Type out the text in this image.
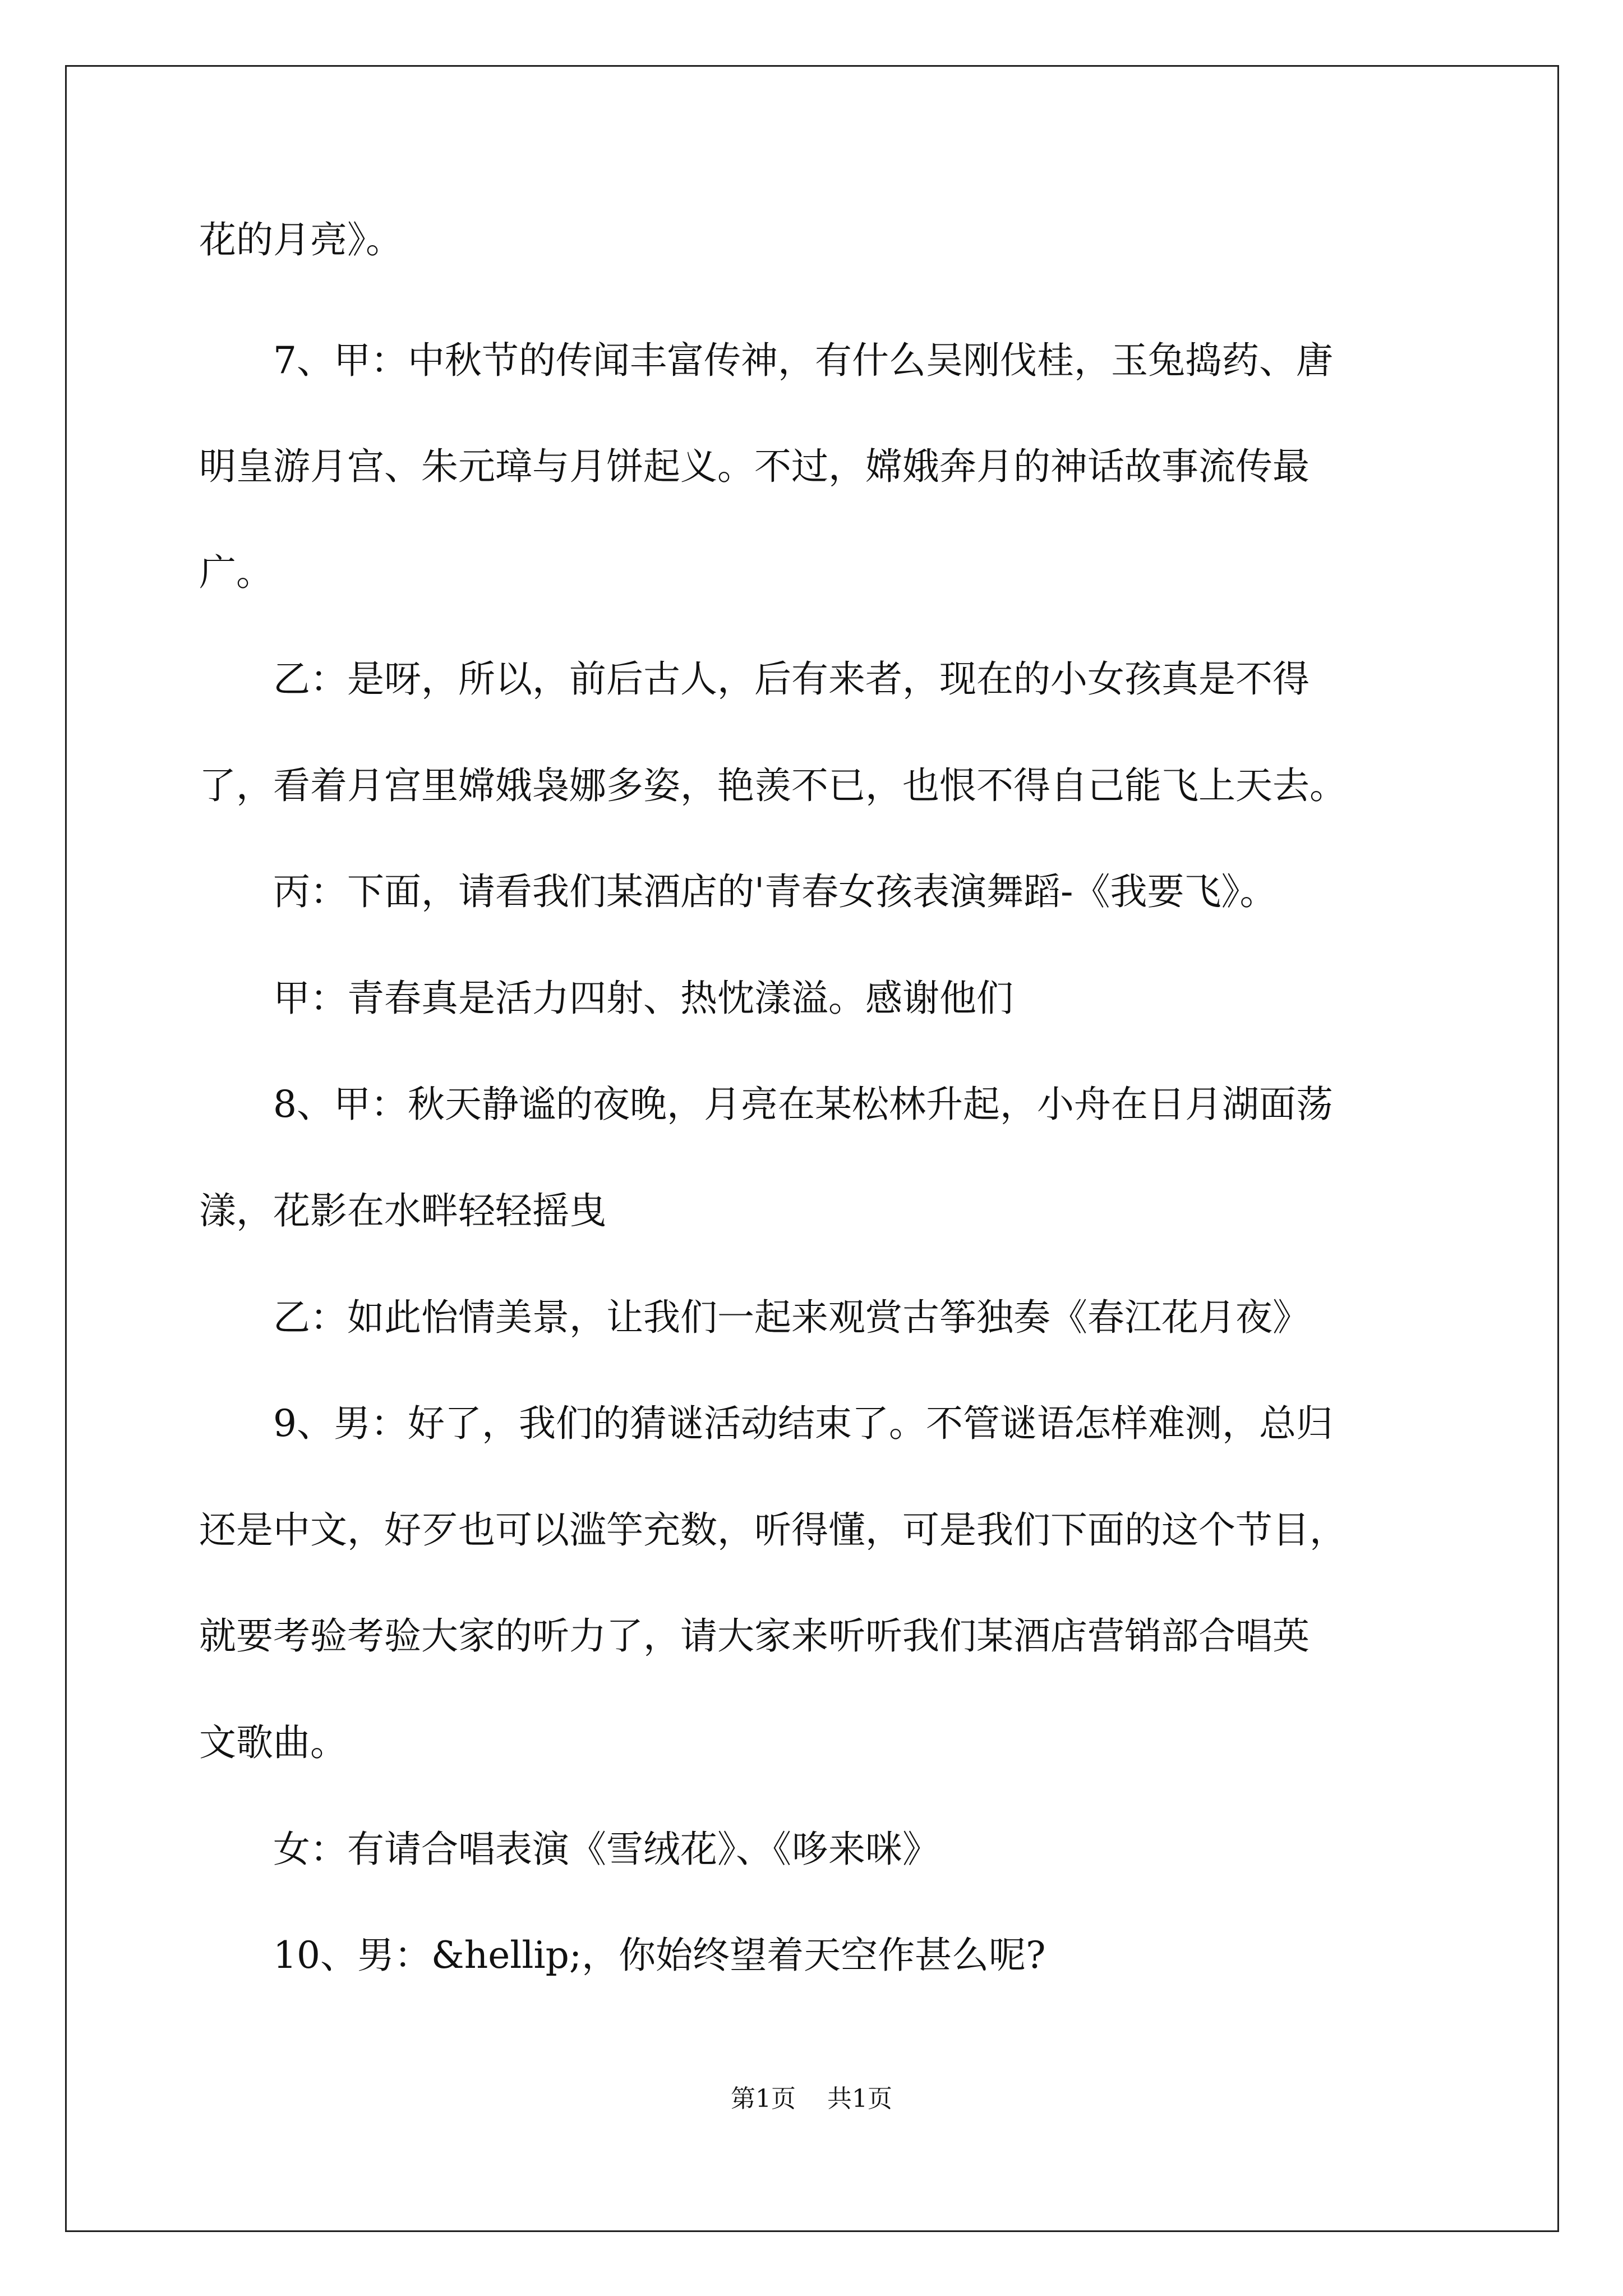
花的月亮》。

　　7、甲：中秋节的传闻丰富传神，有什么吴刚伐桂，玉兔捣药、唐

明皇游月宫、朱元璋与月饼起义。不过，嫦娥奔月的神话故事流传最

广。

　　乙：是呀，所以，前后古人，后有来者，现在的小女孩真是不得

了，看着月宫里嫦娥袅娜多姿，艳羡不已，也恨不得自己能飞上天去。

　　丙：下面，请看我们某酒店的'青春女孩表演舞蹈-《我要飞》。

　　甲：青春真是活力四射、热忱漾溢。感谢他们

　　8、甲：秋天静谧的夜晚，月亮在某松林升起，小舟在日月湖面荡

漾，花影在水畔轻轻摇曳

　　乙：如此怡情美景，让我们一起来观赏古筝独奏《春江花月夜》

　　9、男：好了，我们的猜谜活动结束了。不管谜语怎样难测，总归

还是中文，好歹也可以滥竽充数，听得懂，可是我们下面的这个节目，

就要考验考验大家的听力了，请大家来听听我们某酒店营销部合唱英

文歌曲。

　　女：有请合唱表演《雪绒花》、《哆来咪》

　　10、男：&hellip;，你始终望着天空作甚么呢?

第1页 共1页
